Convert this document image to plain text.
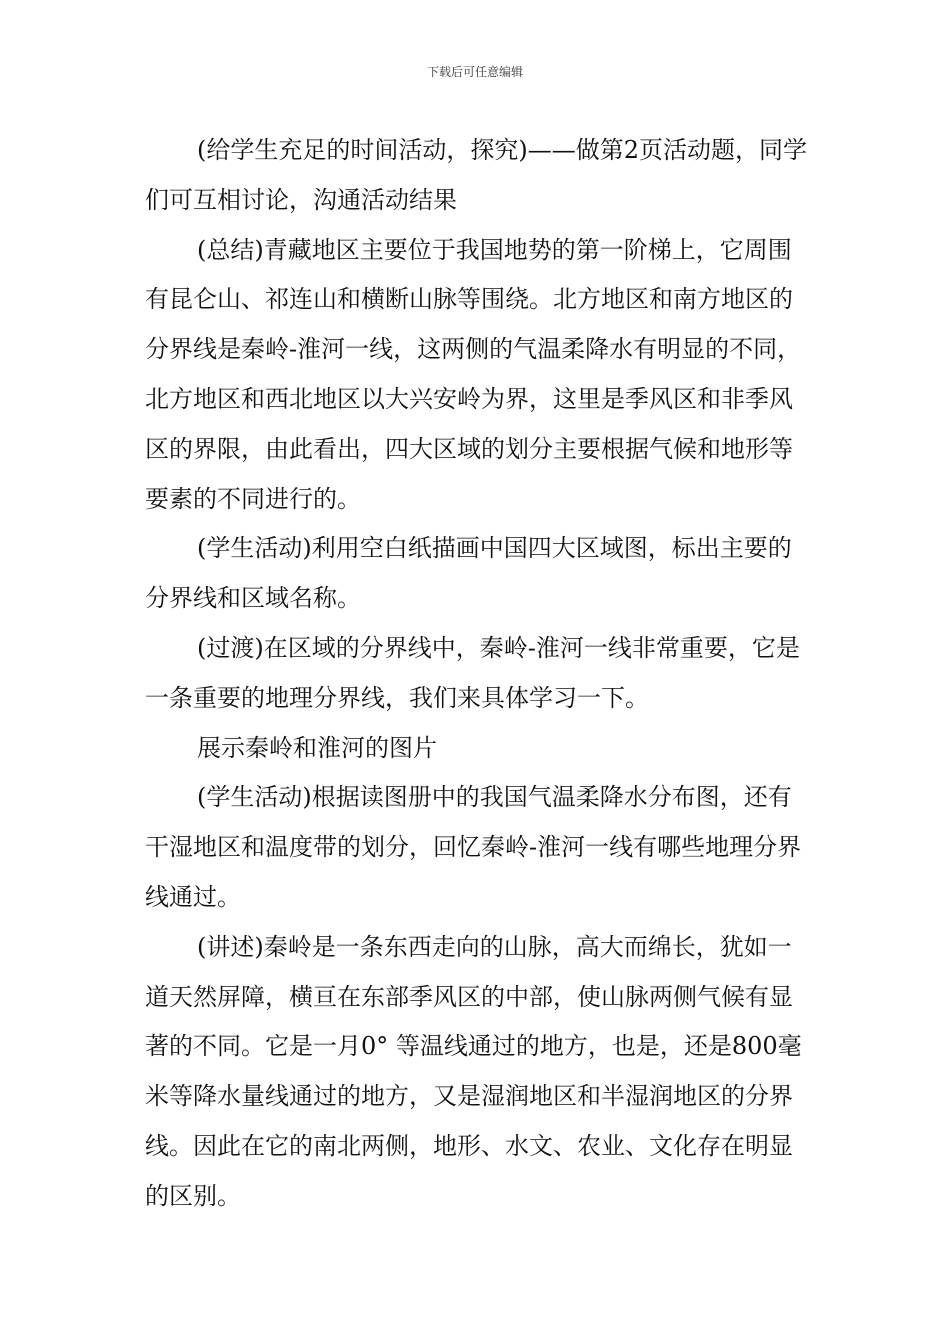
下载后可任意编辑

(给学生充足的时间活动，探究)——做第2页活动题，同学们可互相讨论，沟通活动结果

(总结)青藏地区主要位于我国地势的第一阶梯上，它周围有昆仑山、祁连山和横断山脉等围绕。北方地区和南方地区的分界线是秦岭-淮河一线，这两侧的气温柔降水有明显的不同，北方地区和西北地区以大兴安岭为界，这里是季风区和非季风区的界限，由此看出，四大区域的划分主要根据气候和地形等要素的不同进行的。

(学生活动)利用空白纸描画中国四大区域图，标出主要的分界线和区域名称。

(过渡)在区域的分界线中，秦岭-淮河一线非常重要，它是一条重要的地理分界线，我们来具体学习一下。

展示秦岭和淮河的图片

(学生活动)根据读图册中的我国气温柔降水分布图，还有干湿地区和温度带的划分，回忆秦岭-淮河一线有哪些地理分界线通过。

(讲述)秦岭是一条东西走向的山脉，高大而绵长，犹如一道天然屏障，横亘在东部季风区的中部，使山脉两侧气候有显著的不同。它是一月0° 等温线通过的地方，也是，还是800毫米等降水量线通过的地方，又是湿润地区和半湿润地区的分界线。因此在它的南北两侧，地形、水文、农业、文化存在明显的区别。
